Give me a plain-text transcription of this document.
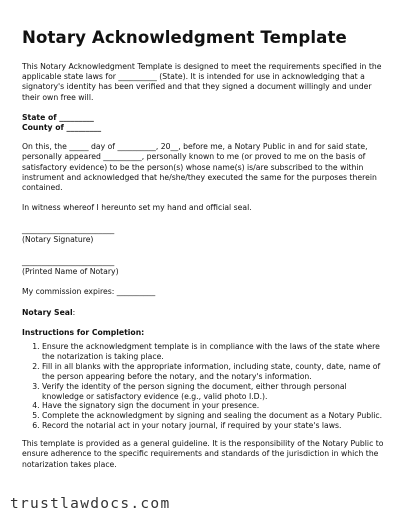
Notary Acknowledgment Template

This Notary Acknowledgment Template is designed to meet the requirements specified in the applicable state laws for __________ (State). It is intended for use in acknowledging that a signatory's identity has been verified and that they signed a document willingly and under their own free will.

State of _________

County of _________

On this, the _____ day of __________, 20__, before me, a Notary Public in and for said state, personally appeared __________, personally known to me (or proved to me on the basis of satisfactory evidence) to be the person(s) whose name(s) is/are subscribed to the within instrument and acknowledged that he/she/they executed the same for the purposes therein contained.

In witness whereof I hereunto set my hand and official seal.

________________________
(Notary Signature)
________________________
(Printed Name of Notary)

My commission expires: __________

Notary Seal:

Instructions for Completion:

1. Ensure the acknowledgment template is in compliance with the laws of the state where the notarization is taking place.
2. Fill in all blanks with the appropriate information, including state, county, date, name of the person appearing before the notary, and the notary's information.
3. Verify the identity of the person signing the document, either through personal knowledge or satisfactory evidence (e.g., valid photo I.D.).
4. Have the signatory sign the document in your presence.
5. Complete the acknowledgment by signing and sealing the document as a Notary Public.
6. Record the notarial act in your notary journal, if required by your state's laws.

This template is provided as a general guideline. It is the responsibility of the Notary Public to ensure adherence to the specific requirements and standards of the jurisdiction in which the notarization takes place.

trustlawdocs.com
